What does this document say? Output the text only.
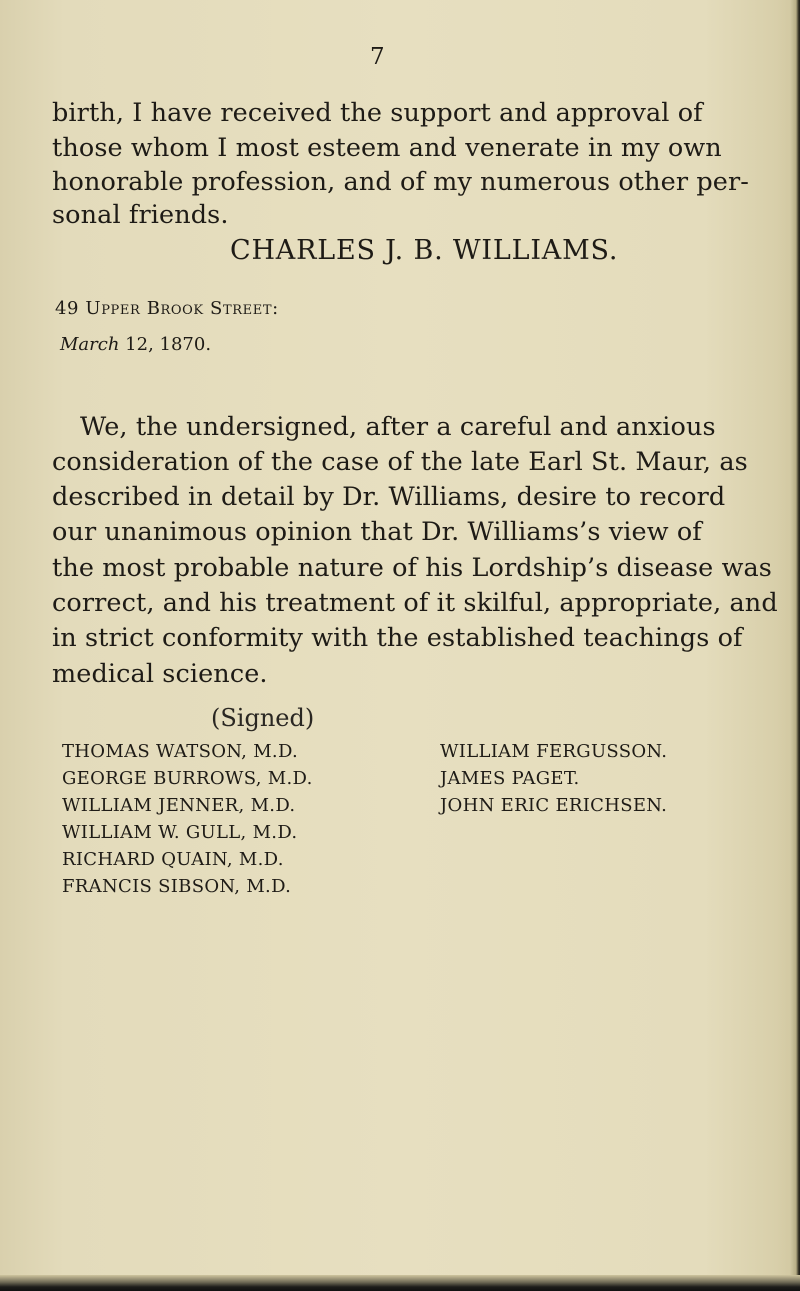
7
birth, I have received the support and approval of
those whom I most esteem and venerate in my own
honorable profession, and of my numerous other per-
sonal friends.
CHARLES J. B. WILLIAMS.
49 Upper Brook Street:
March 12, 1870.
We, the undersigned, after a careful and anxious
consideration of the case of the late Earl St. Maur, as
described in detail by Dr. Williams, desire to record
our unanimous opinion that Dr. Williams’s view of
the most probable nature of his Lordship’s disease was
correct, and his treatment of it skilful, appropriate, and
in strict conformity with the established teachings of
medical science.
(Signed)
THOMAS WATSON, M.D.
GEORGE BURROWS, M.D.
WILLIAM JENNER, M.D.
WILLIAM W. GULL, M.D.
RICHARD QUAIN, M.D.
FRANCIS SIBSON, M.D.
WILLIAM FERGUSSON.
JAMES PAGET.
JOHN ERIC ERICHSEN.
